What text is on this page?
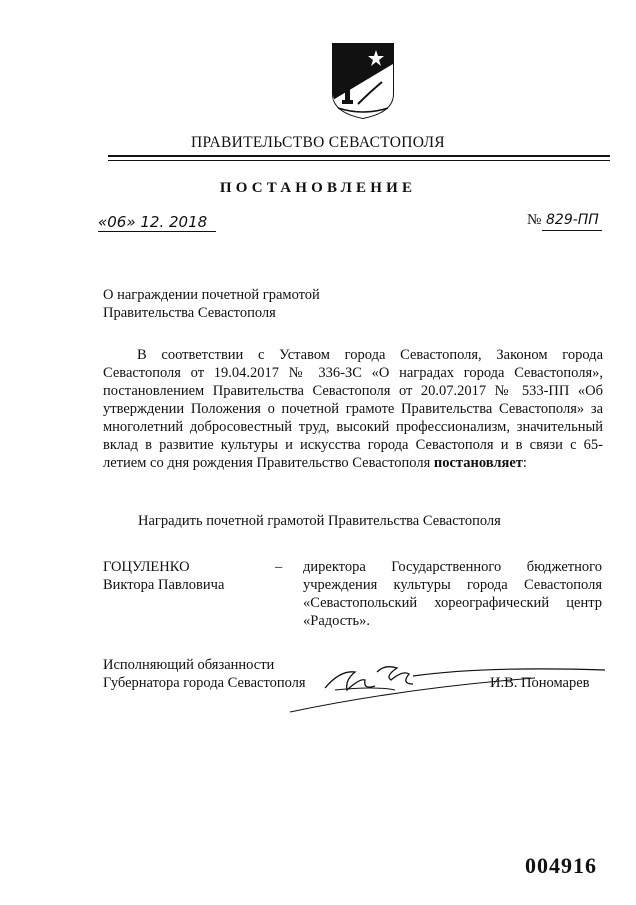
ПРАВИТЕЛЬСТВО СЕВАСТОПОЛЯ
ПОСТАНОВЛЕНИЕ
«06» 12. 2018	№ 829-ПП
О награждении почетной грамотой
Правительства Севастополя
В соответствии с Уставом города Севастополя, Законом города Севастополя от 19.04.2017 № 336-ЗС «О наградах города Севастополя», постановлением Правительства Севастополя от 20.07.2017 № 533-ПП «Об утверждении Положения о почетной грамоте Правительства Севастополя» за многолетний добросовестный труд, высокий профессионализм, значительный вклад в развитие культуры и искусства города Севастополя и в связи с 65-летием со дня рождения Правительство Севастополя постановляет:
Наградить почетной грамотой Правительства Севастополя
ГОЦУЛЕНКО
Виктора Павловича
– директора Государственного бюджетного учреждения культуры города Севастополя «Севастопольский хореографический центр «Радость».
Исполняющий обязанности
Губернатора города Севастополя	И.В. Пономарев
004916
